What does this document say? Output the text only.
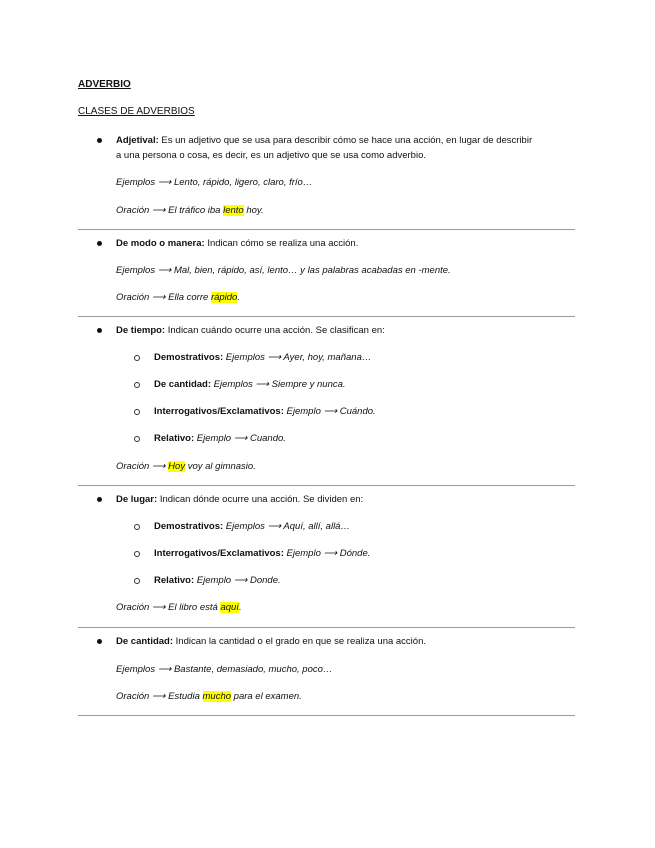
ADVERBIO
CLASES DE ADVERBIOS
Adjetival: Es un adjetivo que se usa para describir cómo se hace una acción, en lugar de describir
a una persona o cosa, es decir, es un adjetivo que se usa como adverbio.
Ejemplos ⟶ Lento, rápido, ligero, claro, frío…
Oración ⟶ El tráfico iba lento hoy.
De modo o manera: Indican cómo se realiza una acción.
Ejemplos ⟶ Mal, bien, rápido, así, lento… y las palabras acabadas en -mente.
Oración ⟶ Ella corre rápido.
De tiempo: Indican cuándo ocurre una acción. Se clasifican en:
Demostrativos: Ejemplos ⟶ Ayer, hoy, mañana…
De cantidad: Ejemplos ⟶ Siempre y nunca.
Interrogativos/Exclamativos: Ejemplo ⟶ Cuándo.
Relativo: Ejemplo ⟶ Cuando.
Oración ⟶ Hoy voy al gimnasio.
De lugar: Indican dónde ocurre una acción. Se dividen en:
Demostrativos: Ejemplos ⟶ Aquí, allí, allá…
Interrogativos/Exclamativos: Ejemplo ⟶ Dónde.
Relativo: Ejemplo ⟶ Donde.
Oración ⟶ El libro está aquí.
De cantidad: Indican la cantidad o el grado en que se realiza una acción.
Ejemplos ⟶ Bastante, demasiado, mucho, poco…
Oración ⟶ Estudia mucho para el examen.
